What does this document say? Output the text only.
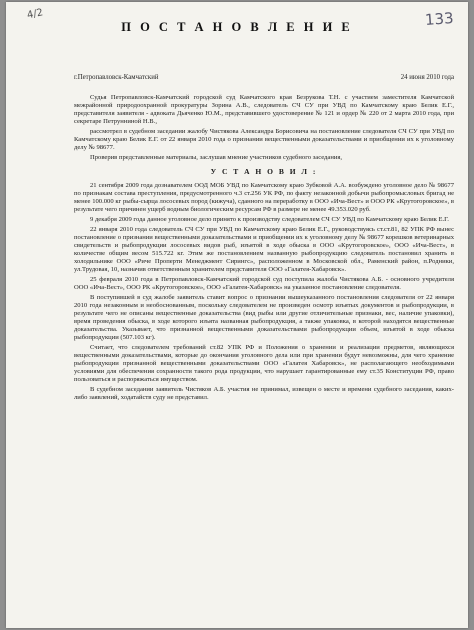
4/2	133
П О С Т А Н О В Л Е Н И Е
г.Петропавловск-Камчатский	24 июня 2010 года

Судья Петропавловск-Камчатский городской суд Камчатского края Безрукова Т.Н. с участием заместителя Камчатской межрайонной природоохранной прокуратуры Зорина А.В., следователь СЧ СУ при УВД по Камчатскому краю Белик Е.Г., представителя заявителя - адвоката Дьяченко Ю.М., представившего удостоверение № 121 и ордер № 220 от 2 марта 2010 года, при секретаре Петрунниной Н.В.,

рассмотрел в судебном заседании жалобу Чистякова Александра Борисовича на постановление следователя СЧ СУ при УВД по Камчатскому краю Белик Е.Г. от 22 января 2010 года о признании вещественными доказательствами и приобщении их к уголовному делу № 98677.

Проверив представленные материалы, заслушав мнение участников судебного заседания,

У С Т А Н О В И Л :

21 сентября 2009 года дознавателем ООД МОБ УВД по Камчатскому краю Зубковой А.А. возбуждено уголовное дело № 98677 по признакам состава преступления, предусмотренного ч.3 ст.256 УК РФ, по факту незаконной добычи рыбопромысловых бригад не менее 100.000 кг рыбы-сырца лососевых пород (кижуча), сданного на переработку в ООО «Ича-Вест» и ООО РК «Крутогоровское», в результате чего причинен ущерб водным биологическим ресурсам РФ в размере не менее 49.353.020 руб.

9 декабря 2009 года данное уголовное дело принято к производству следователем СЧ СУ УВД по Камчатскому краю Белик Е.Г.

22 января 2010 года следователь СЧ СУ при УВД по Камчатскому краю Белик Е.Г., руководствуясь ст.ст.81, 82 УПК РФ вынес постановление о признании вещественными доказательствами и приобщении их к уголовному делу № 98677 корешков ветеринарных свидетельств и рыбопродукции лососевых видов рыб, изъятой в ходе обыска в ООО «Крутогоровское», ООО «Ича-Вест», в количестве общим весом 515.722 кг. Этим же постановлением названную рыбопродукцию следователь постановил хранить в холодильнике ООО «Риче Проперти Менеджмент Сирингс», расположенном в Московской обл., Раменский район, п.Родники, ул.Трудовая, 10, назначив ответственным хранителем представителя ООО «Галатея-Хабаровск».

25 февраля 2010 года в Петропавловск-Камчатский городской суд поступила жалоба Чистякова А.Б. - основного учредителя ООО «Ича-Вест», ООО РК «Крутогоровское», ООО «Галатея-Хабаровск» на указанное постановление следователя.

В поступившей в суд жалобе заявитель ставит вопрос о признании вышеуказанного постановления следователя от 22 января 2010 года незаконным и необоснованным, поскольку следователем не произведен осмотр изъятых документов и рыбопродукции, в результате чего не описаны вещественные доказательства (вид рыбы или другие отличительные признаки, вес, наличие упаковки), время проведения обыска, в ходе которого изъята названная рыбопродукция, а также упаковка, в которой находятся вещественные доказательства. Указывает, что признанной вещественными доказательствами рыбопродукции объем, изъятой в ходе обыска рыбопродукции (507.103 кг).

Считает, что следователем требований ст.82 УПК РФ и Положения о хранении и реализации предметов, являющихся вещественными доказательствами, которые до окончания уголовного дела или при хранении будут невозможны, для чего хранение рыбопродукции признанной вещественными доказательствами ООО «Галатея Хабаровск», не располагающего необходимыми условиями для обеспечения сохранности такого рода продукции, что нарушает гарантированные ему ст.35 Конституции РФ, право пользоваться и распоряжаться имуществом.

В судебном заседании заявитель Чистяков А.Б. участия не принимал, извещен о месте и времени судебного заседания, каких-либо заявлений, ходатайств суду не представил.
